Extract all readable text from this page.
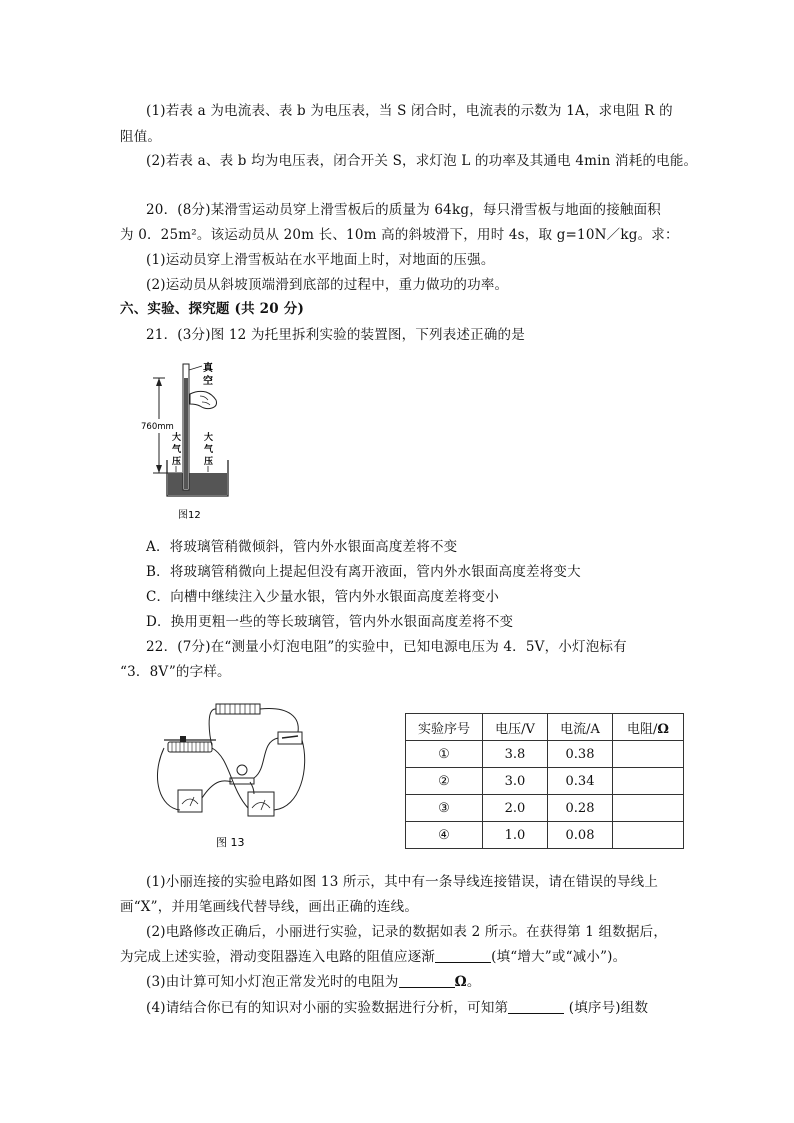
(1)若表 a 为电流表、表 b 为电压表，当 S 闭合时，电流表的示数为 1A，求电阻 R 的
阻值。
(2)若表 a、表 b 均为电压表，闭合开关 S，求灯泡 L 的功率及其通电 4min 消耗的电能。
20．(8分)某滑雪运动员穿上滑雪板后的质量为 64kg，每只滑雪板与地面的接触面积
为 0．25m²。该运动员从 20m 长、10m 高的斜坡滑下，用时 4s，取 g=10N／kg。求：
(1)运动员穿上滑雪板站在水平地面上时，对地面的压强。
(2)运动员从斜坡顶端滑到底部的过程中，重力做功的功率。
六、实验、探究题 (共 20 分)
21．(3分)图 12 为托里拆利实验的装置图，下列表述正确的是
760mm
真
空
大
气
压
大
气
压
图12
A．将玻璃管稍微倾斜，管内外水银面高度差将不变
B．将玻璃管稍微向上提起但没有离开液面，管内外水银面高度差将变大
C．向槽中继续注入少量水银，管内外水银面高度差将变小
D．换用更粗一些的等长玻璃管，管内外水银面高度差将不变
22．(7分)在“测量小灯泡电阻”的实验中，已知电源电压为 4．5V，小灯泡标有
“3．8V”的字样。
图 13
实验序号	电压/V	电流/A	电阻/Ω
①	3.8	0.38	
②	3.0	0.34	
③	2.0	0.28	
④	1.0	0.08	
(1)小丽连接的实验电路如图 13 所示，其中有一条导线连接错误，请在错误的导线上
画“X”，并用笔画线代替导线，画出正确的连线。
(2)电路修改正确后，小丽进行实验，记录的数据如表 2 所示。在获得第 1 组数据后，
为完成上述实验，滑动变阻器连入电路的阻值应逐渐	(填“增大”或“减小”)。
(3)由计算可知小灯泡正常发光时的电阻为	Ω。
(4)请结合你已有的知识对小丽的实验数据进行分析，可知第	(填序号)组数
